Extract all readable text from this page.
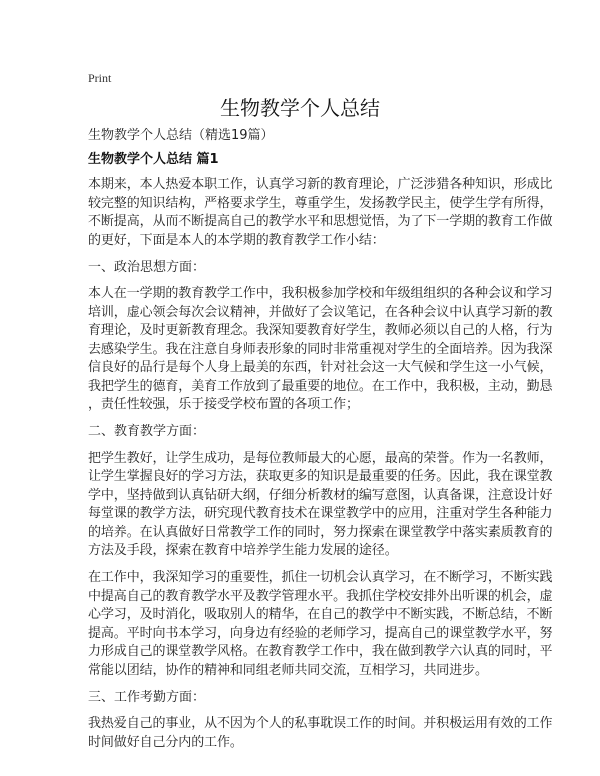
Print
生物教学个人总结
生物教学个人总结（精选19篇）
生物教学个人总结 篇1
本期来，本人热爱本职工作，认真学习新的教育理论，广泛涉猎各种知识，形成比
较完整的知识结构，严格要求学生，尊重学生，发扬教学民主，使学生学有所得，
不断提高，从而不断提高自己的教学水平和思想觉悟，为了下一学期的教育工作做
的更好，下面是本人的本学期的教育教学工作小结：
一、政治思想方面：
本人在一学期的教育教学工作中，我积极参加学校和年级组组织的各种会议和学习
培训，虚心领会每次会议精神，并做好了会议笔记，在各种会议中认真学习新的教
育理论，及时更新教育理念。我深知要教育好学生，教师必须以自己的人格，行为
去感染学生。我在注意自身师表形象的同时非常重视对学生的全面培养。因为我深
信良好的品行是每个人身上最美的东西，针对社会这一大气候和学生这一小气候，
我把学生的德育，美育工作放到了最重要的地位。在工作中，我积极，主动，勤恳
，责任性较强，乐于接受学校布置的各项工作；
二、教育教学方面：
把学生教好，让学生成功，是每位教师最大的心愿，最高的荣誉。作为一名教师，
让学生掌握良好的学习方法，获取更多的知识是最重要的任务。因此，我在课堂教
学中，坚持做到认真钻研大纲，仔细分析教材的编写意图，认真备课，注意设计好
每堂课的教学方法，研究现代教育技术在课堂教学中的应用，注重对学生各种能力
的培养。在认真做好日常教学工作的同时，努力探索在课堂教学中落实素质教育的
方法及手段，探索在教育中培养学生能力发展的途径。
在工作中，我深知学习的重要性，抓住一切机会认真学习，在不断学习，不断实践
中提高自己的教育教学水平及教学管理水平。我抓住学校安排外出听课的机会，虚
心学习，及时消化，吸取别人的精华，在自己的教学中不断实践，不断总结，不断
提高。平时向书本学习，向身边有经验的老师学习，提高自己的课堂教学水平，努
力形成自己的课堂教学风格。在教育教学工作中，我在做到教学六认真的同时，平
常能以团结，协作的精神和同组老师共同交流，互相学习，共同进步。
三、工作考勤方面：
我热爱自己的事业，从不因为个人的私事耽误工作的时间。并积极运用有效的工作
时间做好自己分内的工作。
